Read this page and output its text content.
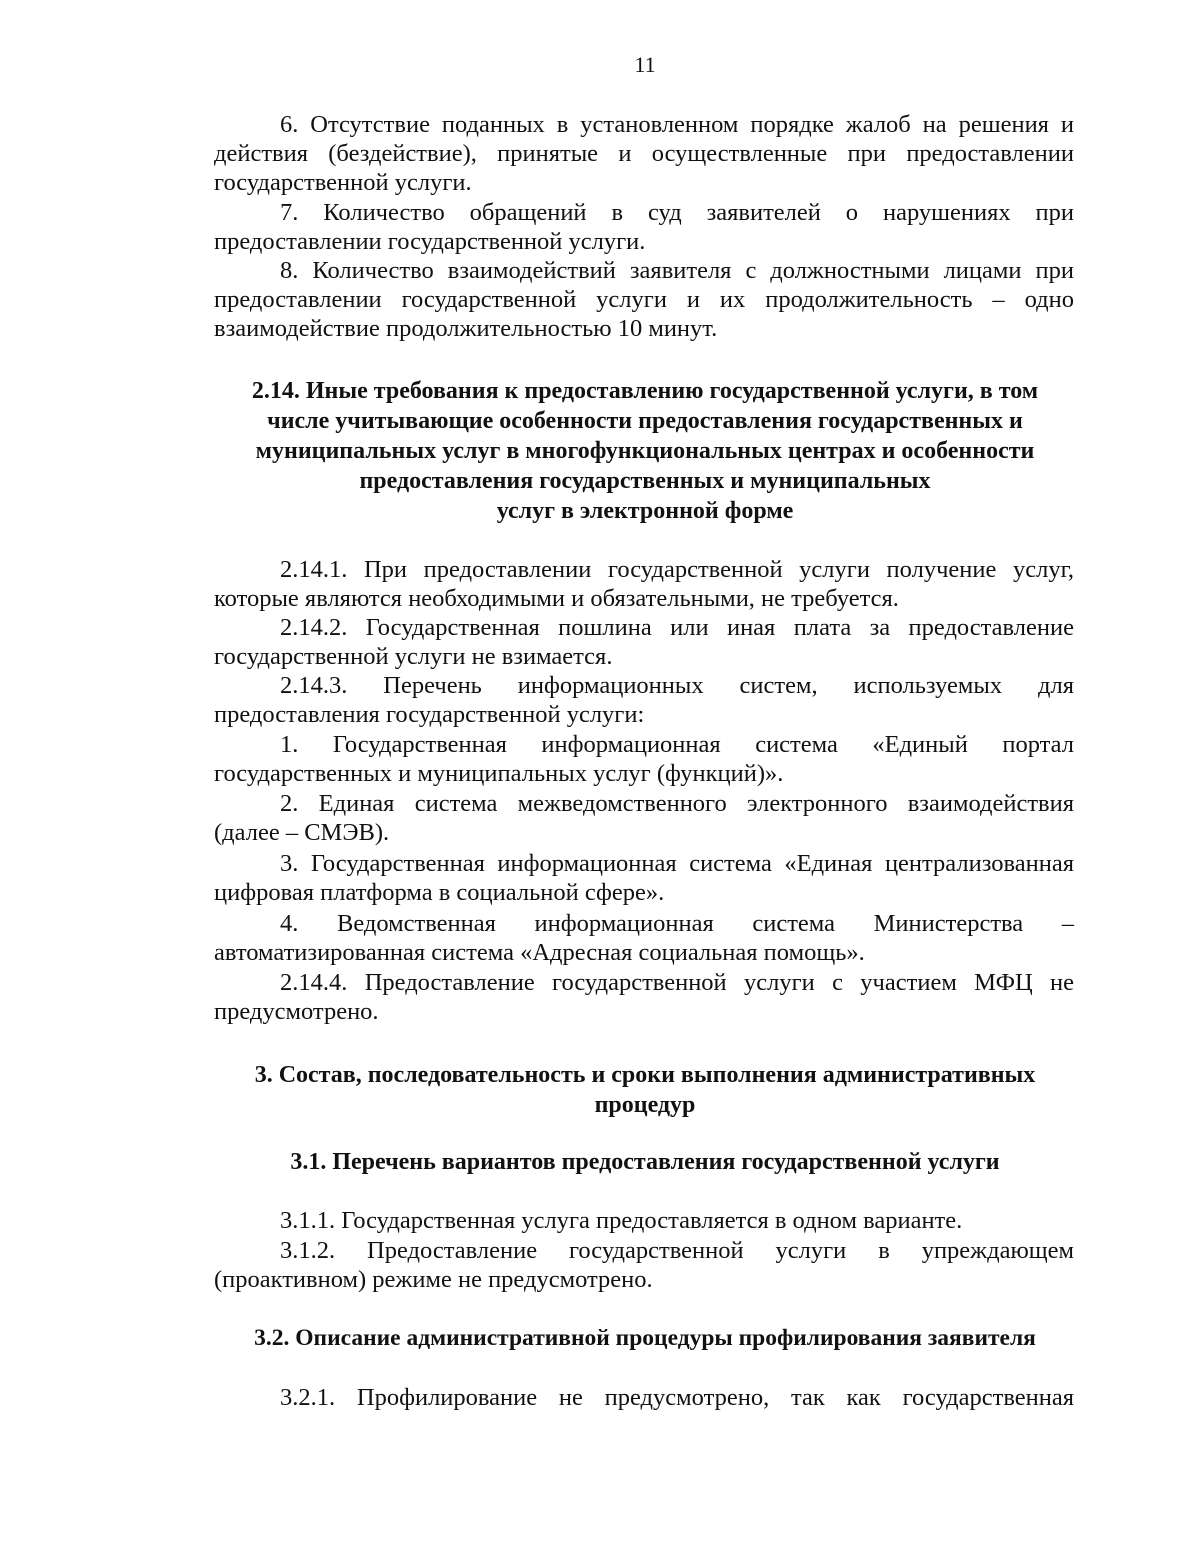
11

6. Отсутствие поданных в установленном порядке жалоб на решения и действия (бездействие), принятые и осуществленные при предоставлении государственной услуги.

7. Количество обращений в суд заявителей о нарушениях при предоставлении государственной услуги.

8. Количество взаимодействий заявителя с должностными лицами при предоставлении государственной услуги и их продолжительность – одно взаимодействие продолжительностью 10 минут.

2.14. Иные требования к предоставлению государственной услуги, в том
числе учитывающие особенности предоставления государственных и
муниципальных услуг в многофункциональных центрах и особенности
предоставления государственных и муниципальных
услуг в электронной форме

2.14.1. При предоставлении государственной услуги получение услуг, которые являются необходимыми и обязательными, не требуется.

2.14.2. Государственная пошлина или иная плата за предоставление государственной услуги не взимается.

2.14.3. Перечень информационных систем, используемых для предоставления государственной услуги:

1. Государственная информационная система «Единый портал государственных и муниципальных услуг (функций)».

2. Единая система межведомственного электронного взаимодействия (далее – СМЭВ).

3. Государственная информационная система «Единая централизованная цифровая платформа в социальной сфере».

4. Ведомственная информационная система Министерства – автоматизированная система «Адресная социальная помощь».

2.14.4. Предоставление государственной услуги с участием МФЦ не предусмотрено.

3. Состав, последовательность и сроки выполнения административных
процедур
3.1. Перечень вариантов предоставления государственной услуги

3.1.1. Государственная услуга предоставляется в одном варианте.

3.1.2. Предоставление государственной услуги в упреждающем (проактивном) режиме не предусмотрено.

3.2. Описание административной процедуры профилирования заявителя

3.2.1. Профилирование не предусмотрено, так как государственная
